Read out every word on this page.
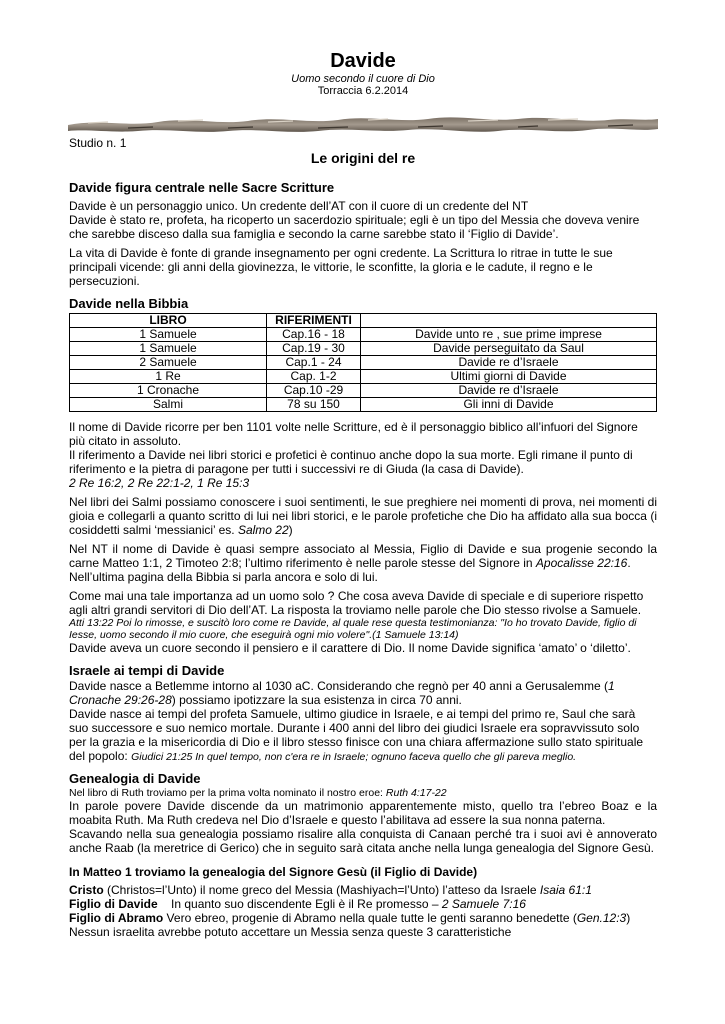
Davide

Uomo secondo il cuore di Dio

Torraccia 6.2.2014

Studio n. 1
Le origini del re
Davide figura centrale nelle Sacre Scritture

Davide è un personaggio unico. Un credente dell’AT con il cuore di un credente del NT

Davide è stato re, profeta, ha ricoperto un sacerdozio spirituale; egli è un tipo del Messia che doveva venire che sarebbe disceso dalla sua famiglia e secondo la carne sarebbe stato il ‘Figlio di Davide’.

La vita di Davide è fonte di grande insegnamento per ogni credente. La Scrittura lo ritrae in tutte le sue principali vicende: gli anni della giovinezza, le vittorie, le sconfitte, la gloria e le cadute, il regno e le persecuzioni.

Davide nella Bibbia
LIBRO	RIFERIMENTI	
1 Samuele	Cap.16 - 18	Davide unto re , sue prime imprese
1 Samuele	Cap.19 - 30	Davide perseguitato da Saul
2 Samuele	Cap.1 - 24	Davide re d’Israele
1 Re	Cap. 1-2	Ultimi giorni di Davide
1 Cronache	Cap.10 -29	Davide re d’Israele
Salmi	78 su 150	Gli inni di Davide

Il nome di Davide ricorre per ben 1101 volte nelle Scritture, ed è il personaggio biblico all’infuori del Signore più citato in assoluto.

Il riferimento a Davide nei libri storici e profetici è continuo anche dopo la sua morte. Egli rimane il punto di riferimento e la pietra di paragone per tutti i successivi re di Giuda (la casa di Davide).

2 Re 16:2, 2 Re 22:1-2, 1 Re 15:3

Nel libri dei Salmi possiamo conoscere i suoi sentimenti, le sue preghiere nei momenti di prova, nei momenti di gioia e collegarli a quanto scritto di lui nei libri storici, e le parole profetiche che Dio ha affidato alla sua bocca (i cosiddetti salmi ‘messianici’ es. Salmo 22)

Nel NT il nome di Davide è quasi sempre associato al Messia, Figlio di Davide e sua progenie secondo la carne Matteo 1:1, 2 Timoteo 2:8; l’ultimo riferimento è nelle parole stesse del Signore in Apocalisse 22:16.

Nell’ultima pagina della Bibbia si parla ancora e solo di lui.

Come mai una tale importanza ad un uomo solo ? Che cosa aveva Davide di speciale e di superiore rispetto agli altri grandi servitori di Dio dell’AT. La risposta la troviamo nelle parole che Dio stesso rivolse a Samuele.

Atti 13:22 Poi lo rimosse, e suscitò loro come re Davide, al quale rese questa testimonianza: "Io ho trovato Davide, figlio di Iesse, uomo secondo il mio cuore, che eseguirà ogni mio volere".(1 Samuele 13:14)

Davide aveva un cuore secondo il pensiero e il carattere di Dio. Il nome Davide significa ‘amato’ o ‘diletto’.

Israele ai tempi di Davide

Davide nasce a Betlemme intorno al 1030 aC. Considerando che regnò per 40 anni a Gerusalemme (1 Cronache 29:26-28) possiamo ipotizzare la sua esistenza in circa 70 anni.

Davide nasce ai tempi del profeta Samuele, ultimo giudice in Israele, e ai tempi del primo re, Saul che sarà suo successore e suo nemico mortale. Durante i 400 anni del libro dei giudici Israele era sopravvissuto solo per la grazia e la misericordia di Dio e il libro stesso finisce con una chiara affermazione sullo stato spirituale del popolo: Giudici 21:25 In quel tempo, non c'era re in Israele; ognuno faceva quello che gli pareva meglio.

Genealogia di Davide

Nel libro di Ruth troviamo per la prima volta nominato il nostro eroe: Ruth 4:17-22

In parole povere Davide discende da un matrimonio apparentemente misto, quello tra l’ebreo Boaz e la moabita Ruth. Ma Ruth credeva nel Dio d’Israele e questo l’abilitava ad essere la sua nonna paterna.

Scavando nella sua genealogia possiamo risalire alla conquista di Canaan perché tra i suoi avi è annoverato anche Raab (la meretrice di Gerico) che in seguito sarà citata anche nella lunga genealogia del Signore Gesù.

In Matteo 1 troviamo la genealogia del Signore Gesù (il Figlio di Davide)

Cristo (Christos=l’Unto) il nome greco del Messia (Mashiyach=l’Unto) l’atteso da Israele Isaia 61:1

Figlio di Davide    In quanto suo discendente Egli è il Re promesso – 2 Samuele 7:16

Figlio di Abramo Vero ebreo, progenie di Abramo nella quale tutte le genti saranno benedette (Gen.12:3)

Nessun israelita avrebbe potuto accettare un Messia senza queste 3 caratteristiche
